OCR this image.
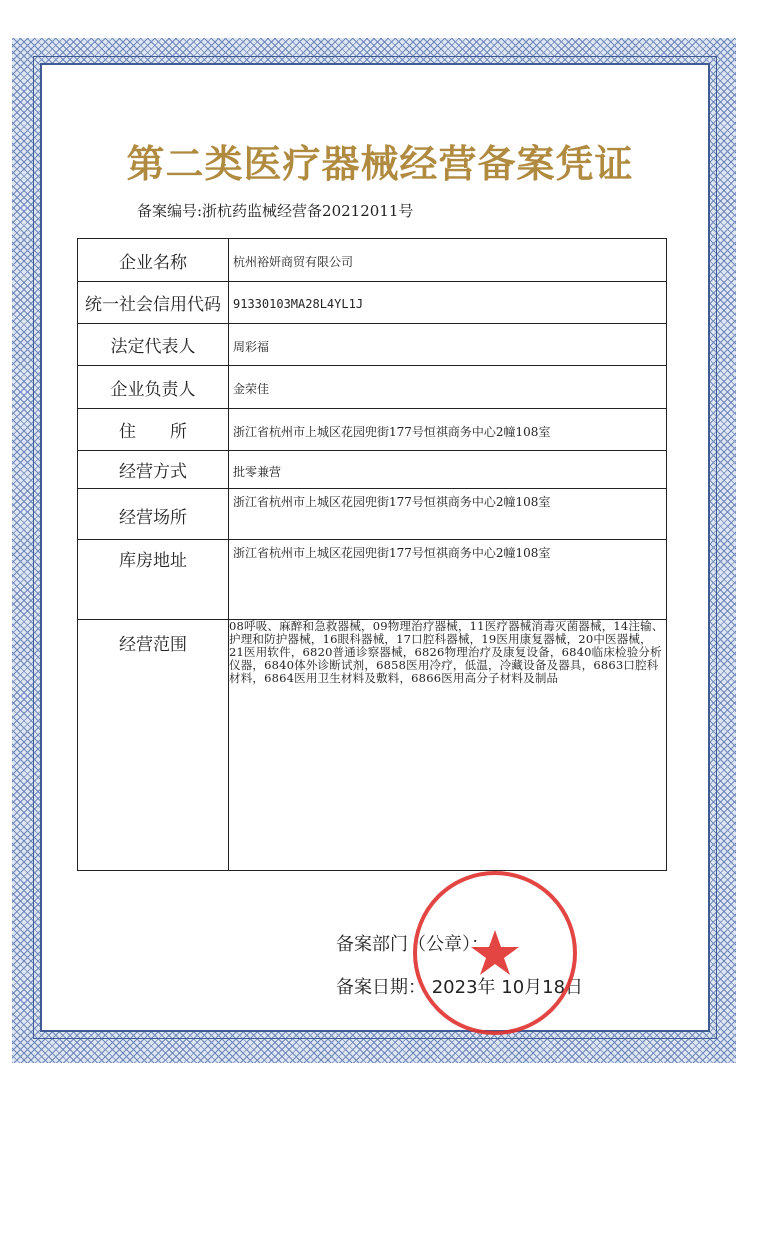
第二类医疗器械经营备案凭证
备案编号:浙杭药监械经营备20212011号
企业名称	杭州裕妍商贸有限公司
统一社会信用代码	91330103MA28L4YL1J
法定代表人	周彩福
企业负责人	金荣佳
住　　所	浙江省杭州市上城区花园兜街177号恒祺商务中心2幢108室
经营方式	批零兼营
经营场所	浙江省杭州市上城区花园兜街177号恒祺商务中心2幢108室
库房地址	浙江省杭州市上城区花园兜街177号恒祺商务中心2幢108室
经营范围	08呼吸、麻醉和急救器械，09物理治疗器械，11医疗器械消毒灭菌器械，14注输、护理和防护器械，16眼科器械，17口腔科器械，19医用康复器械，20中医器械，21医用软件，6820普通诊察器械，6826物理治疗及康复设备，6840临床检验分析仪器，6840体外诊断试剂，6858医用冷疗，低温，冷藏设备及器具，6863口腔科材料，6864医用卫生材料及敷料，6866医用高分子材料及制品
备案部门（公章）：
备案日期： 2023年 10月18日
